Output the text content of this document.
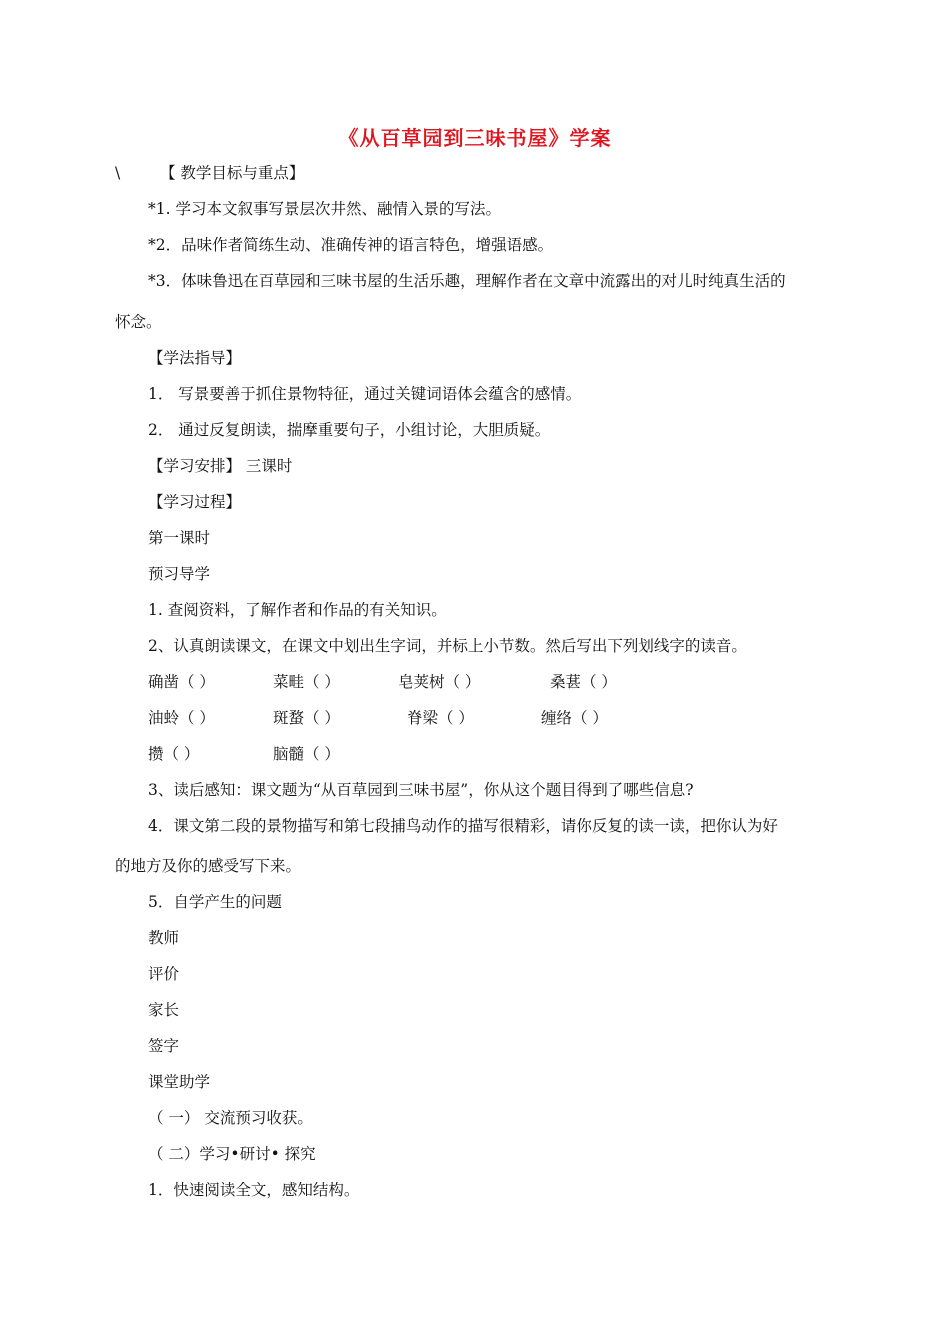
《从百草园到三味书屋》学案
\	【 教学目标与重点】
*1. 学习本文叙事写景层次井然、融情入景的写法。
*2．品味作者简练生动、准确传神的语言特色，增强语感。
*3．体味鲁迅在百草园和三味书屋的生活乐趣，理解作者在文章中流露出的对儿时纯真生活的
怀念。
【学法指导】
1． 写景要善于抓住景物特征，通过关键词语体会蕴含的感情。
2． 通过反复朗读，揣摩重要句子，小组讨论，大胆质疑。
【学习安排】 三课时
【学习过程】
第一课时
预习导学
1. 查阅资料，了解作者和作品的有关知识。
2、认真朗读课文，在课文中划出生字词，并标上小节数。然后写出下列划线字的读音。
确凿（ ）	菜畦（ ）	皂荚树（ ）	桑葚（ ）
油蛉（ ）	斑蝥（ ）	脊梁（ ）	缠络（ ）
攒（ ）	脑髓（ ）
3、读后感知：课文题为“从百草园到三味书屋”，你从这个题目得到了哪些信息?
4．课文第二段的景物描写和第七段捕鸟动作的描写很精彩，请你反复的读一读，把你认为好
的地方及你的感受写下来。
5．自学产生的问题
教师
评价
家长
签字
课堂助学
（ 一） 交流预习收获。
（ 二）学习•研讨• 探究
1．快速阅读全文，感知结构。
